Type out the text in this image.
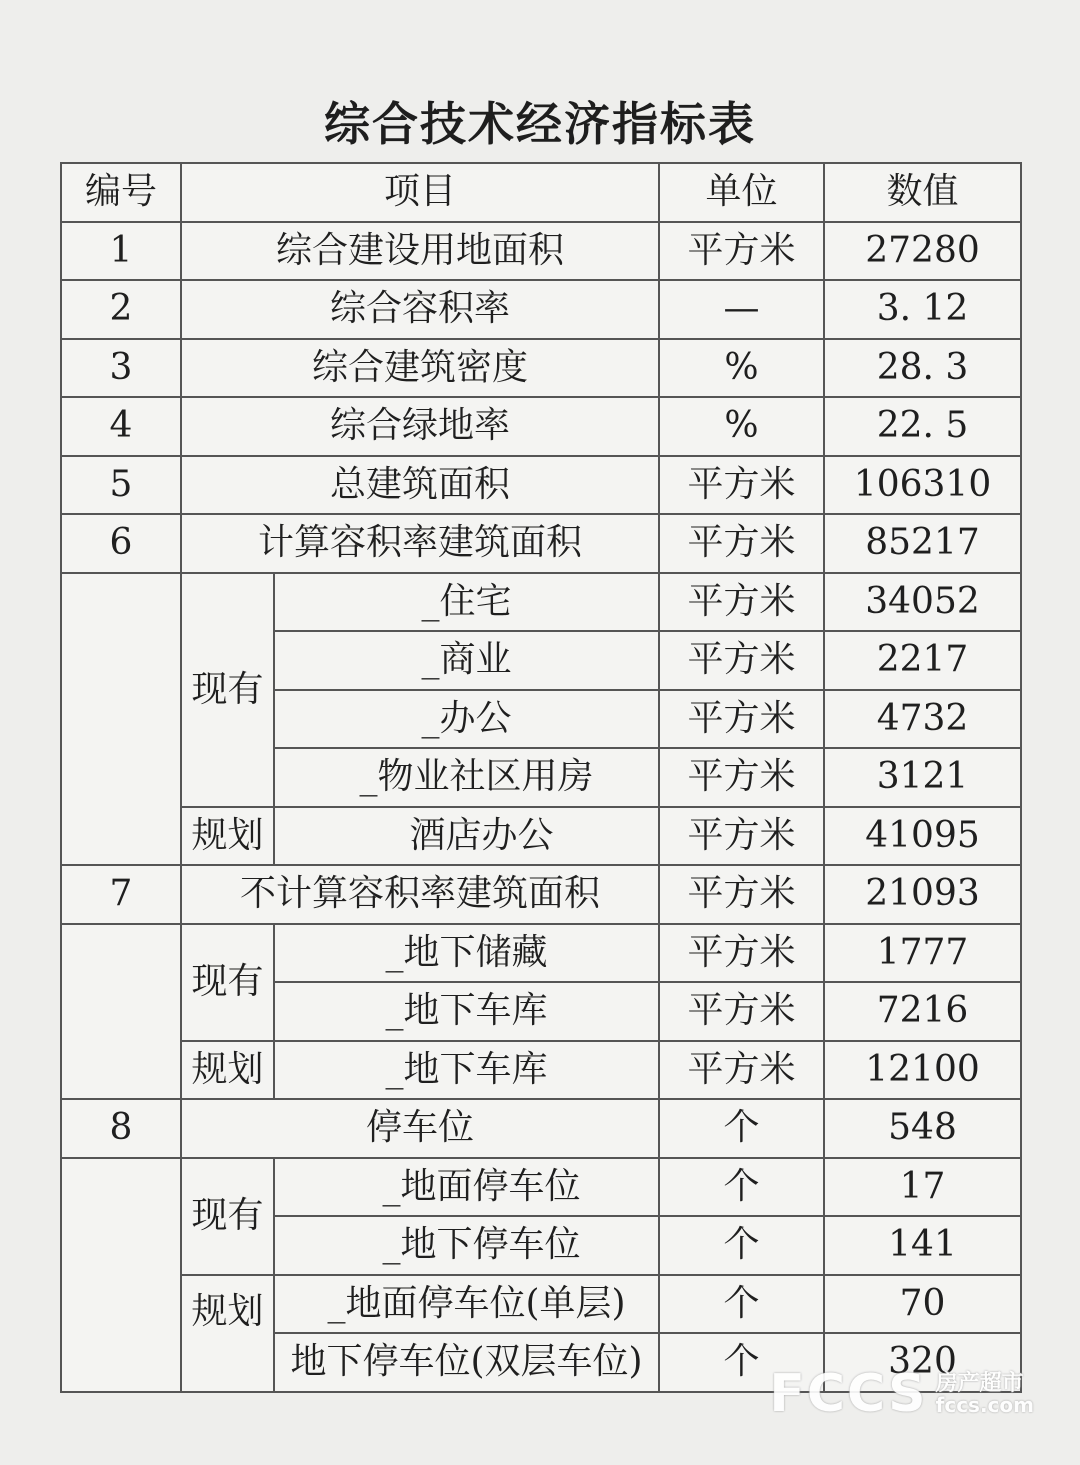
综合技术经济指标表
编号	项目		单位	数值
1	综合建设用地面积		平方米	27280
2	综合容积率		—	3. 12
3	综合建筑密度		%	28. 3
4	综合绿地率		%	22. 5
5	总建筑面积		平方米	106310
6	计算容积率建筑面积		平方米	85217
	现有	_住宅	平方米	34052
		_商业	平方米	2217
		_办公	平方米	4732
		_物业社区用房	平方米	3121
	规划	酒店办公	平方米	41095
7	不计算容积率建筑面积		平方米	21093
	现有	_地下储藏	平方米	1777
		_地下车库	平方米	7216
	规划	_地下车库	平方米	12100
8	停车位		个	548
	现有	_地面停车位	个	17
		_地下停车位	个	141
	规划	_地面停车位(单层)	个	70
		地下停车位(双层车位)	个	320
FCCS 房产超市
fccs.com
